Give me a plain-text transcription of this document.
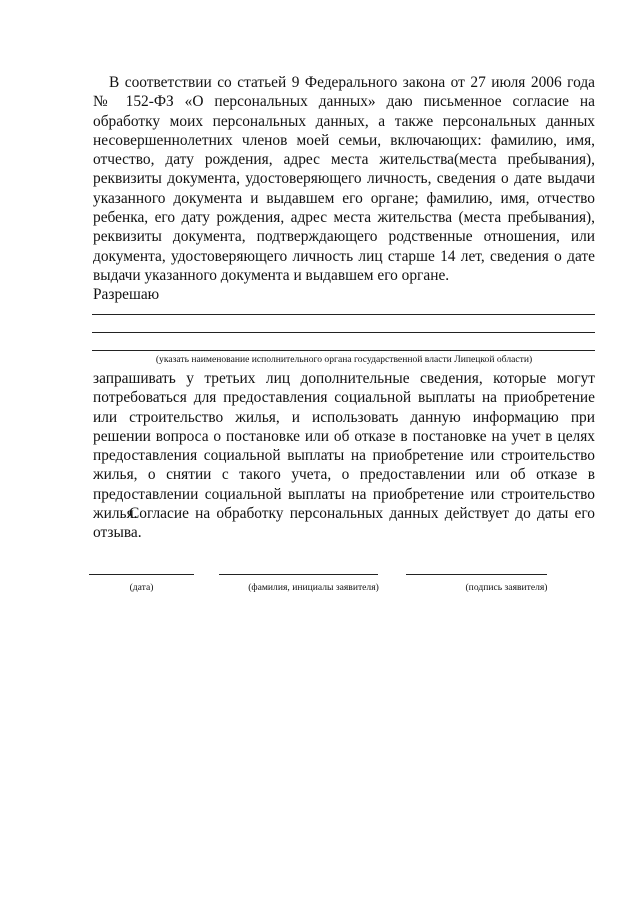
В соответствии со статьей 9 Федерального закона от 27 июля 2006 года № 152-ФЗ «О персональных данных» даю письменное согласие на обработку моих персональных данных, а также персональных данных несовершеннолетних членов моей семьи, включающих: фамилию, имя, отчество, дату рождения, адрес места жительства(места пребывания), реквизиты документа, удостоверяющего личность, сведения о дате выдачи указанного документа и выдавшем его органе; фамилию, имя, отчество ребенка, его дату рождения, адрес места жительства (места пребывания), реквизиты документа, подтверждающего родственные отношения, или документа, удостоверяющего личность лиц старше 14 лет, сведения о дате выдачи указанного документа и выдавшем его органе.

Разрешаю

(указать наименование исполнительного органа государственной власти Липецкой области)

запрашивать у третьих лиц дополнительные сведения, которые могут потребоваться для предоставления социальной выплаты на приобретение или строительство жилья, и использовать данную информацию при решении вопроса о постановке или об отказе в постановке на учет в целях предоставления социальной выплаты на приобретение или строительство жилья, о снятии с такого учета, о предоставлении или об отказе в предоставлении социальной выплаты на приобретение или строительство жилья.

Согласие на обработку персональных данных действует до даты его отзыва.

(дата)	(фамилия, инициалы заявителя)	(подпись заявителя)
